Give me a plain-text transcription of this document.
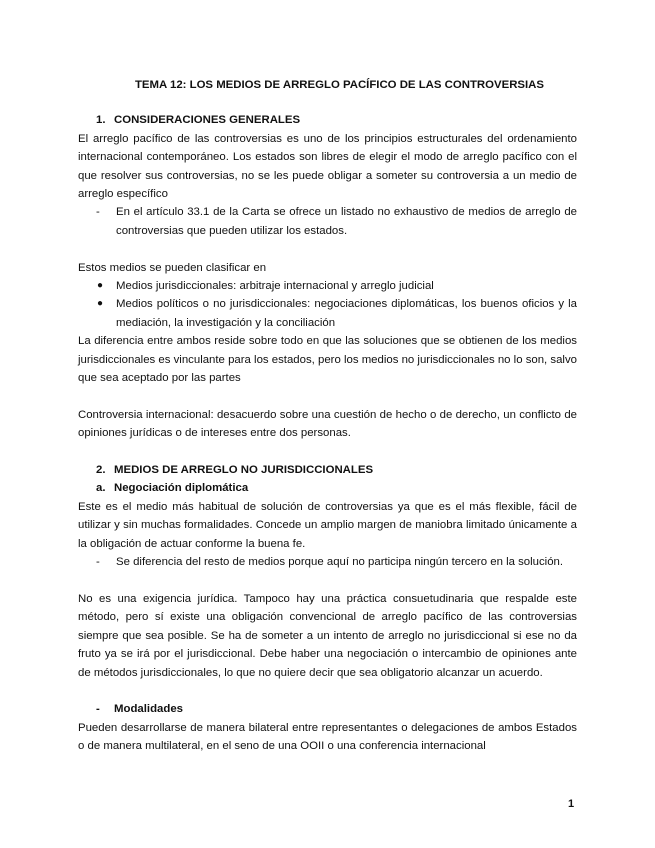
TEMA 12: LOS MEDIOS DE ARREGLO PACÍFICO DE LAS CONTROVERSIAS

1. CONSIDERACIONES GENERALES

El arreglo pacífico de las controversias es uno de los principios estructurales del ordenamiento internacional contemporáneo. Los estados son libres de elegir el modo de arreglo pacífico con el que resolver sus controversias, no se les puede obligar a someter su controversia a un medio de arreglo específico

- En el artículo 33.1 de la Carta se ofrece un listado no exhaustivo de medios de arreglo de controversias que pueden utilizar los estados.

Estos medios se pueden clasificar en

● Medios jurisdiccionales: arbitraje internacional y arreglo judicial
● Medios políticos o no jurisdiccionales: negociaciones diplomáticas, los buenos oficios y la mediación, la investigación y la conciliación

La diferencia entre ambos reside sobre todo en que las soluciones que se obtienen de los medios jurisdiccionales es vinculante para los estados, pero los medios no jurisdiccionales no lo son, salvo que sea aceptado por las partes

Controversia internacional: desacuerdo sobre una cuestión de hecho o de derecho, un conflicto de opiniones jurídicas o de intereses entre dos personas.

2. MEDIOS DE ARREGLO NO JURISDICCIONALES

a. Negociación diplomática

Este es el medio más habitual de solución de controversias ya que es el más flexible, fácil de utilizar y sin muchas formalidades. Concede un amplio margen de maniobra limitado únicamente a la obligación de actuar conforme la buena fe.

- Se diferencia del resto de medios porque aquí no participa ningún tercero en la solución.

No es una exigencia jurídica. Tampoco hay una práctica consuetudinaria que respalde este método, pero sí existe una obligación convencional de arreglo pacífico de las controversias siempre que sea posible. Se ha de someter a un intento de arreglo no jurisdiccional si ese no da fruto ya se irá por el jurisdiccional. Debe haber una negociación o intercambio de opiniones ante de métodos jurisdiccionales, lo que no quiere decir que sea obligatorio alcanzar un acuerdo.

- Modalidades

Pueden desarrollarse de manera bilateral entre representantes o delegaciones de ambos Estados o de manera multilateral, en el seno de una OOII o una conferencia internacional

1
